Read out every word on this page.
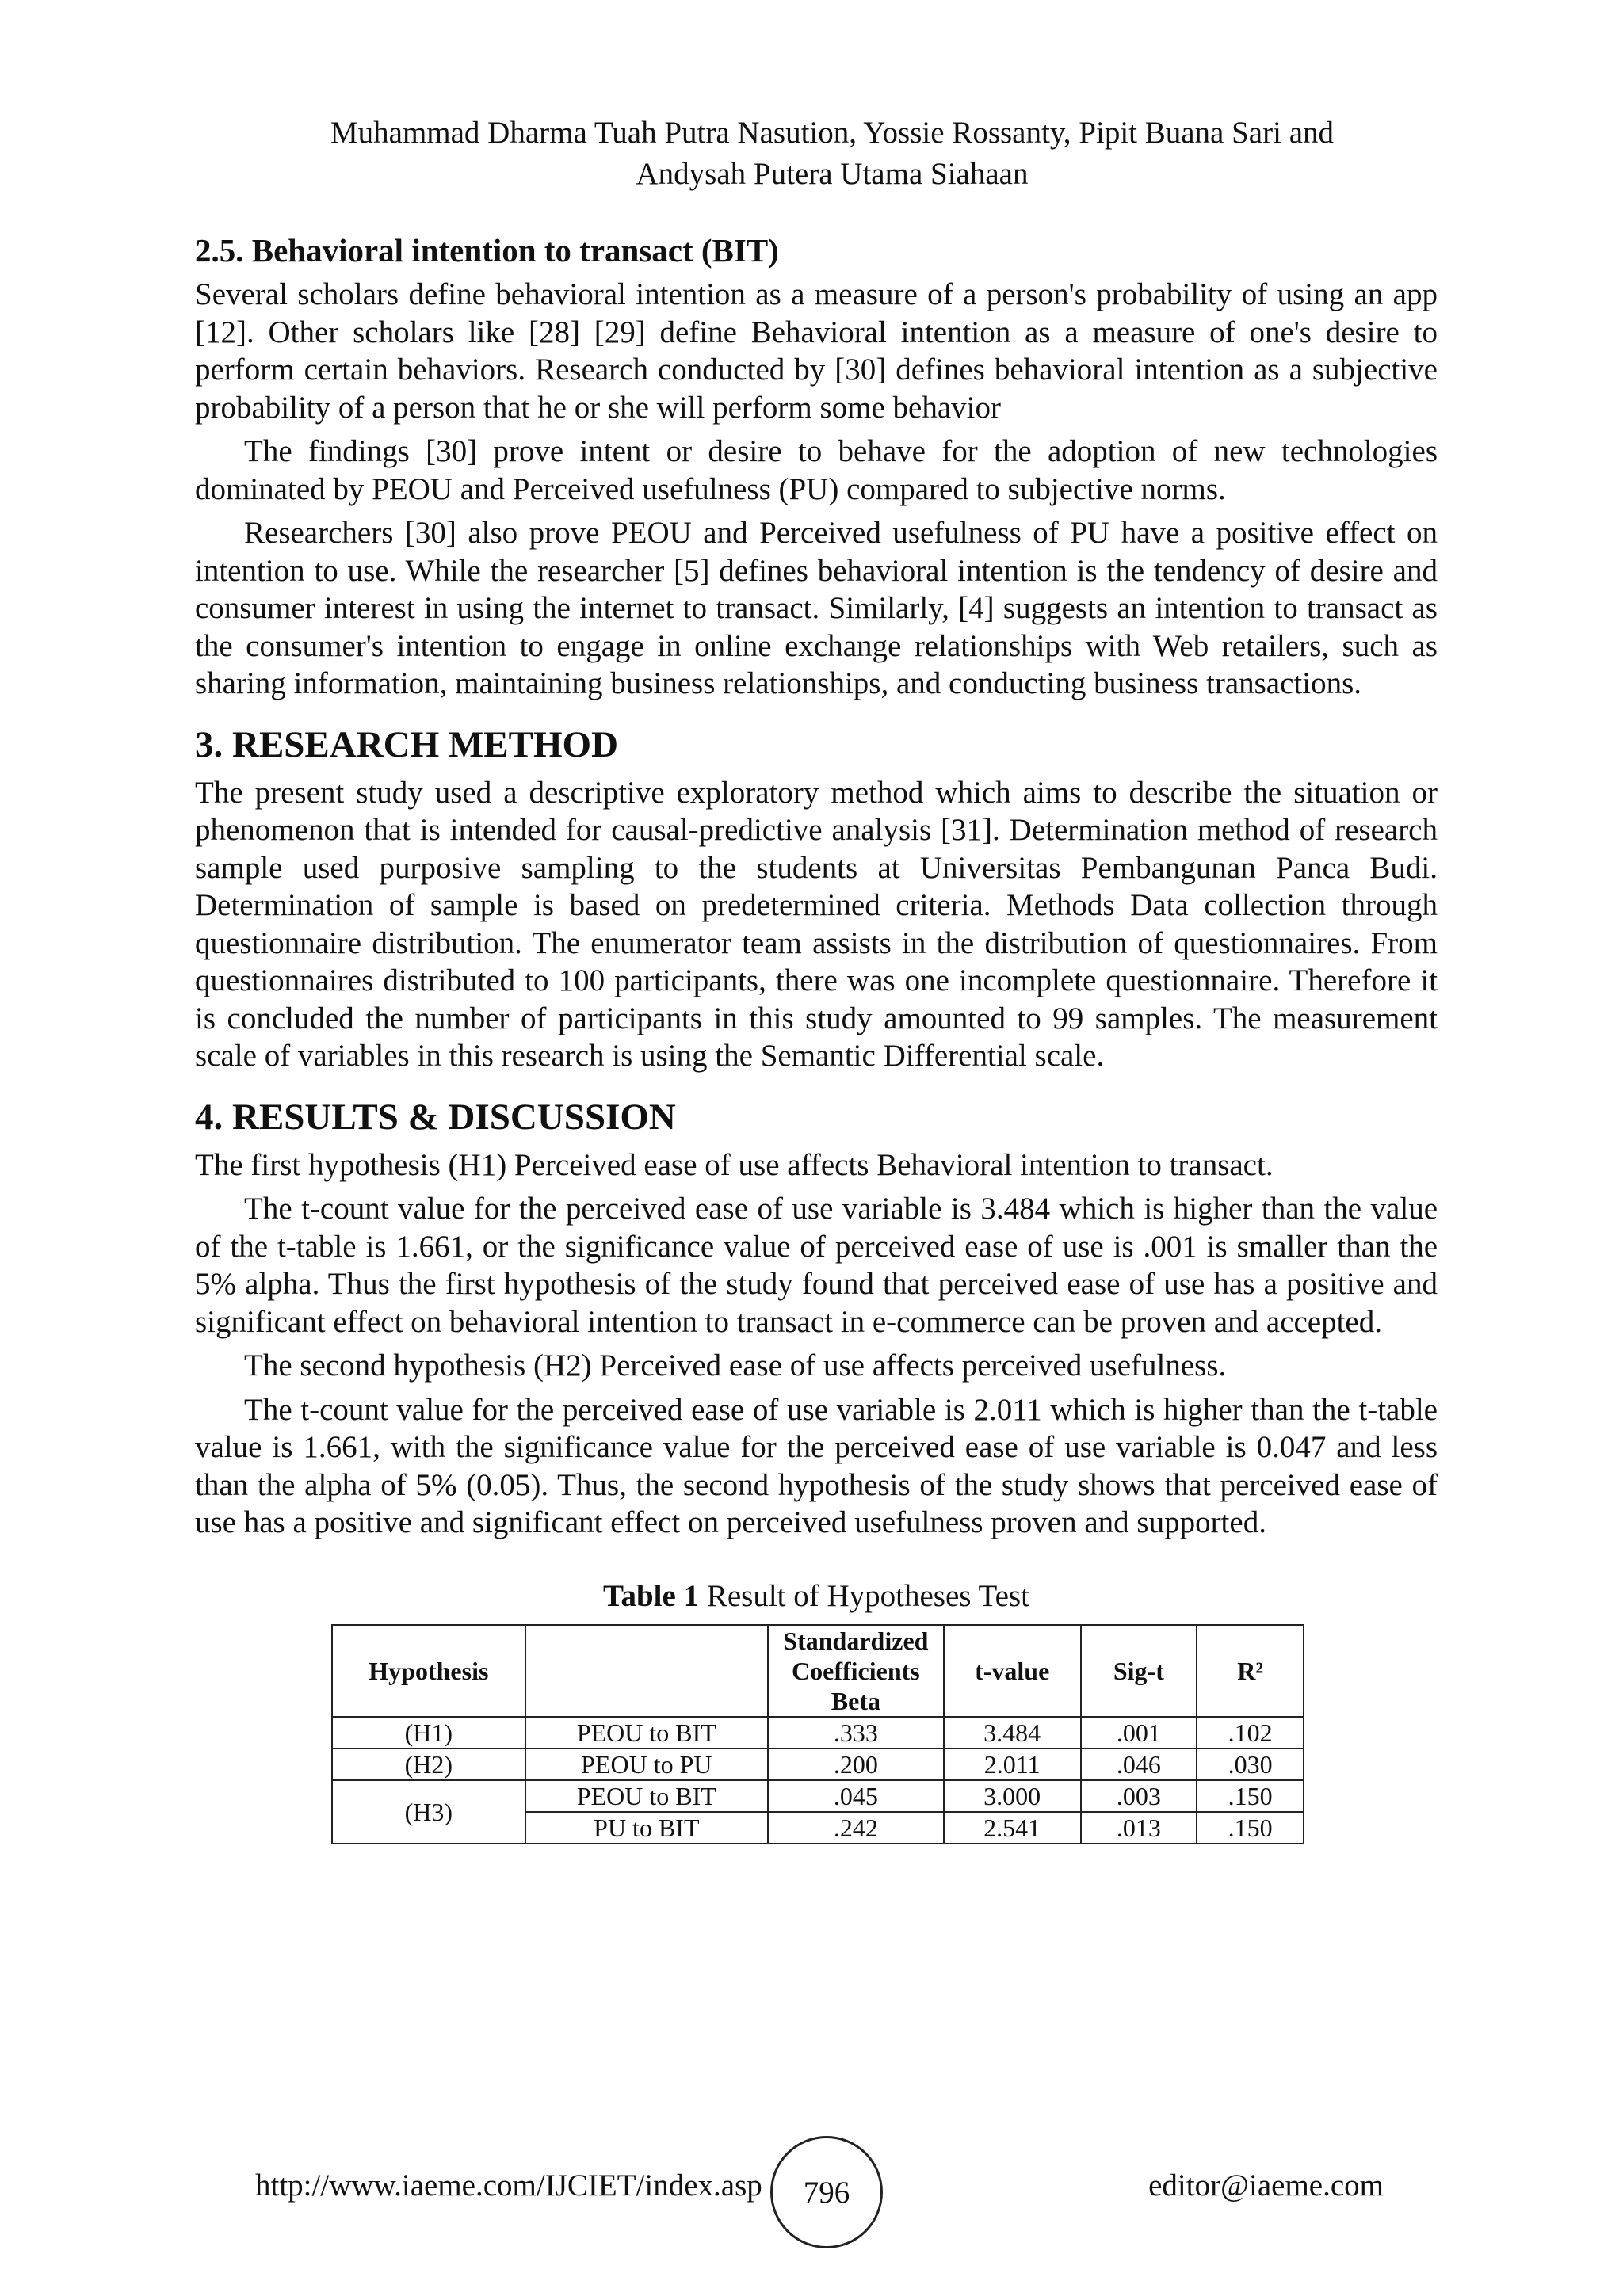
Muhammad Dharma Tuah Putra Nasution, Yossie Rossanty, Pipit Buana Sari and
Andysah Putera Utama Siahaan
2.5. Behavioral intention to transact (BIT)

Several scholars define behavioral intention as a measure of a person's probability of using an app [12]. Other scholars like [28] [29] define Behavioral intention as a measure of one's desire to perform certain behaviors. Research conducted by [30] defines behavioral intention as a subjective probability of a person that he or she will perform some behavior

The findings [30] prove intent or desire to behave for the adoption of new technologies dominated by PEOU and Perceived usefulness (PU) compared to subjective norms.

Researchers [30] also prove PEOU and Perceived usefulness of PU have a positive effect on intention to use. While the researcher [5] defines behavioral intention is the tendency of desire and consumer interest in using the internet to transact. Similarly, [4] suggests an intention to transact as the consumer's intention to engage in online exchange relationships with Web retailers, such as sharing information, maintaining business relationships, and conducting business transactions.

3. RESEARCH METHOD

The present study used a descriptive exploratory method which aims to describe the situation or phenomenon that is intended for causal-predictive analysis [31]. Determination method of research sample used purposive sampling to the students at Universitas Pembangunan Panca Budi. Determination of sample is based on predetermined criteria. Methods Data collection through questionnaire distribution. The enumerator team assists in the distribution of questionnaires. From questionnaires distributed to 100 participants, there was one incomplete questionnaire. Therefore it is concluded the number of participants in this study amounted to 99 samples. The measurement scale of variables in this research is using the Semantic Differential scale.

4. RESULTS & DISCUSSION

The first hypothesis (H1) Perceived ease of use affects Behavioral intention to transact.

The t-count value for the perceived ease of use variable is 3.484 which is higher than the value of the t-table is 1.661, or the significance value of perceived ease of use is .001 is smaller than the 5% alpha. Thus the first hypothesis of the study found that perceived ease of use has a positive and significant effect on behavioral intention to transact in e-commerce can be proven and accepted.

The second hypothesis (H2) Perceived ease of use affects perceived usefulness.

The t-count value for the perceived ease of use variable is 2.011 which is higher than the t-table value is 1.661, with the significance value for the perceived ease of use variable is 0.047 and less than the alpha of 5% (0.05). Thus, the second hypothesis of the study shows that perceived ease of use has a positive and significant effect on perceived usefulness proven and supported.

Table 1 Result of Hypotheses Test
Hypothesis		Standardized
Coefficients
Beta	t-value	Sig-t	R²
(H1)	PEOU to BIT	.333	3.484	.001	.102
(H2)	PEOU to PU	.200	2.011	.046	.030
(H3)	PEOU to BIT	.045	3.000	.003	.150
	PU to BIT	.242	2.541	.013	.150
http://www.iaeme.com/IJCIET/index.asp 796	editor@iaeme.com
